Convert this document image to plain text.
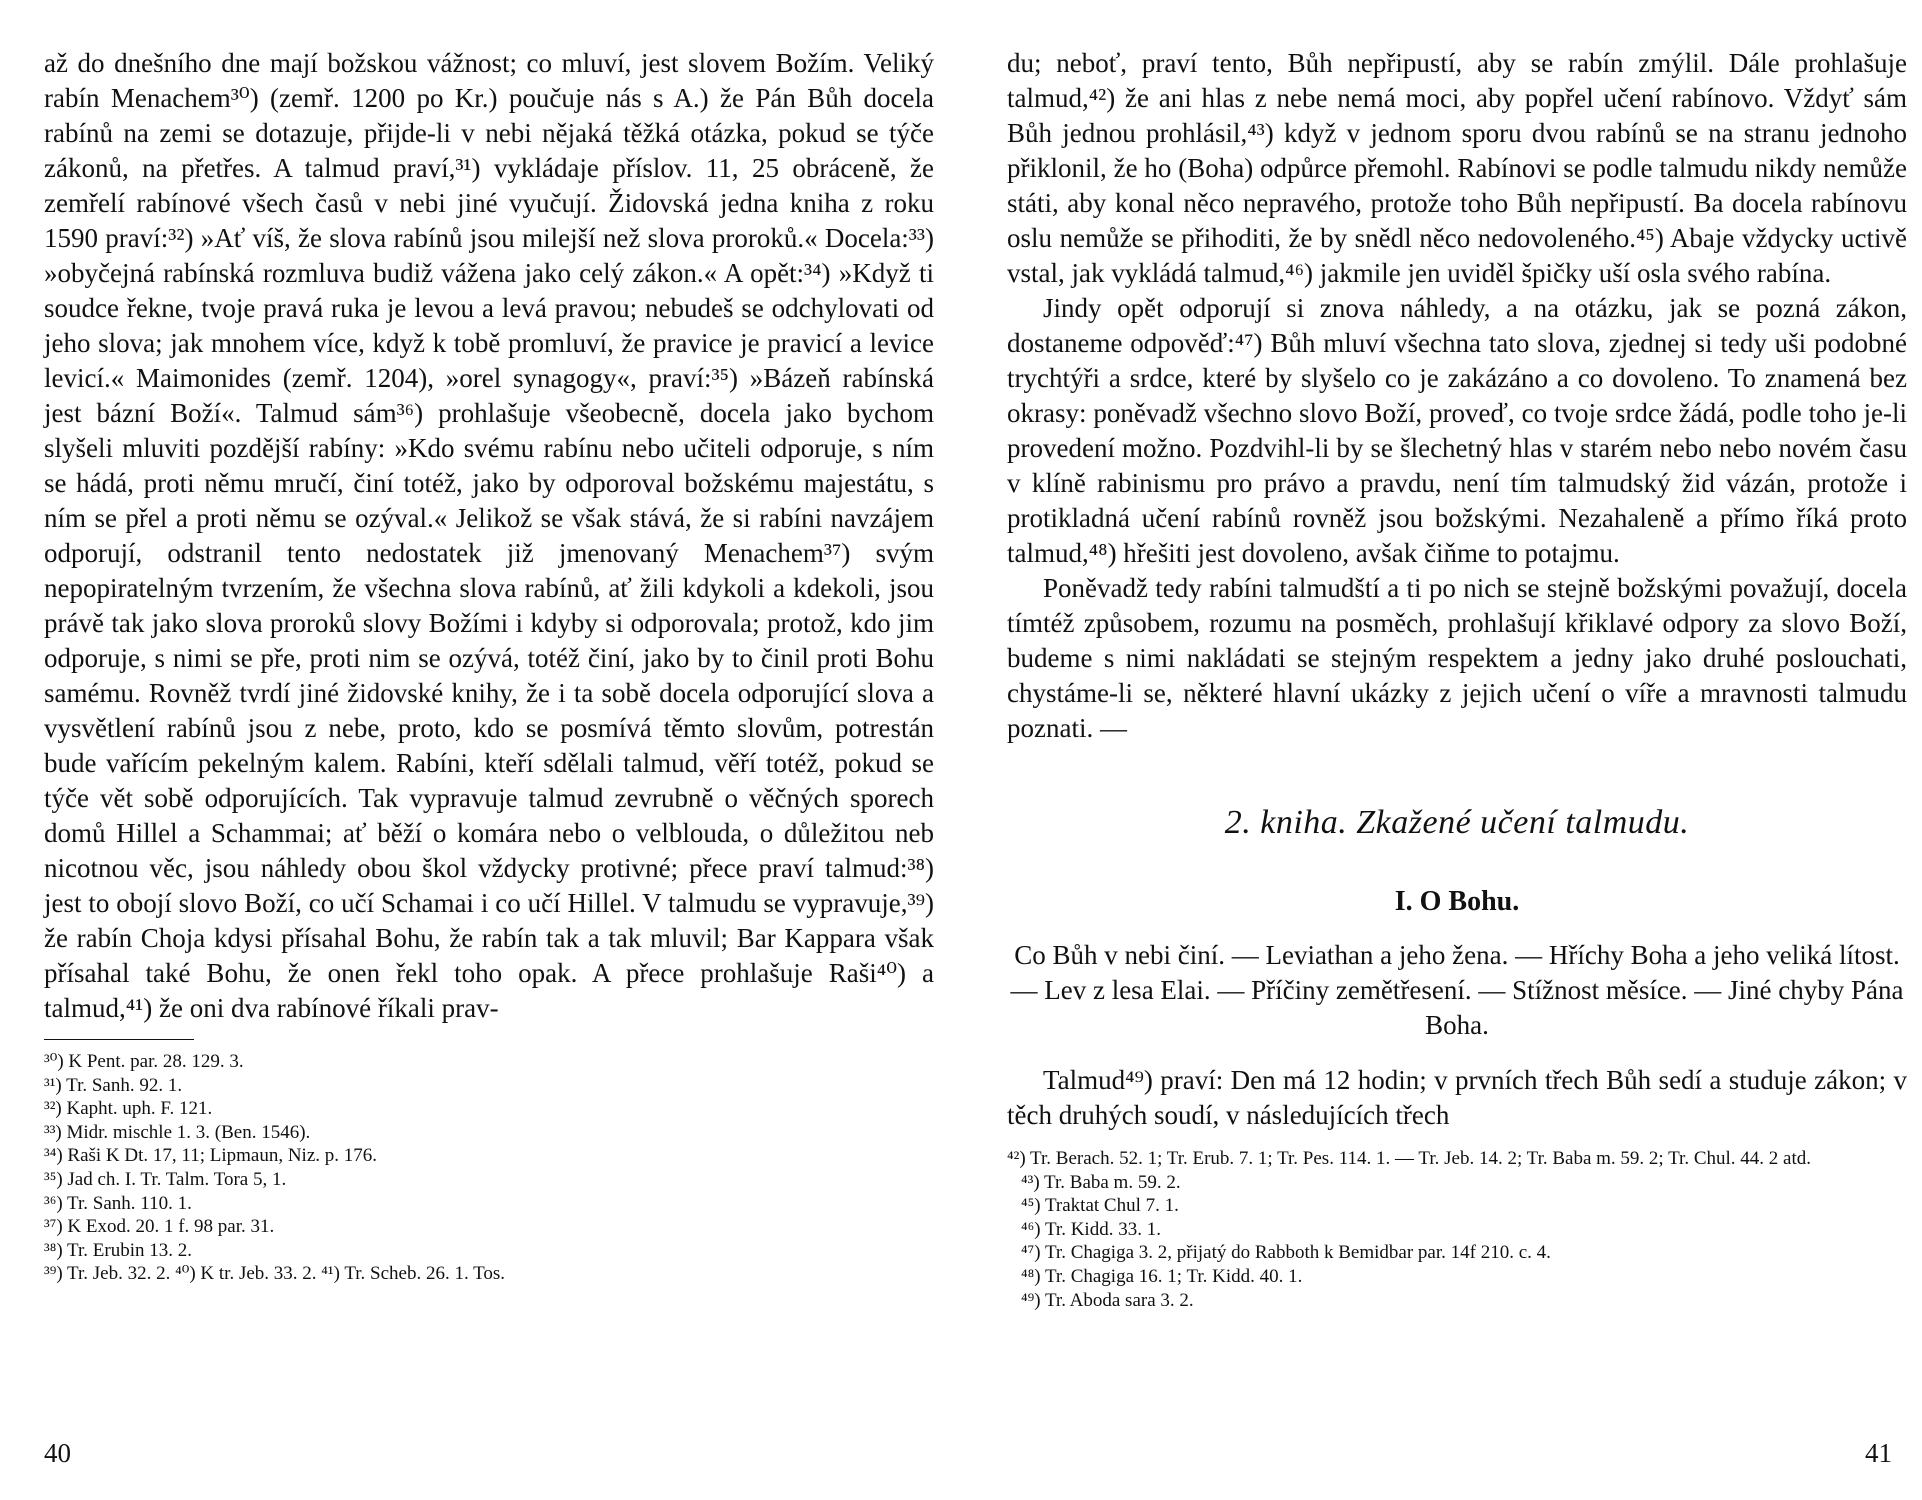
až do dnešního dne mají božskou vážnost; co mluví, jest slovem Božím. Veliký rabín Menachem³⁰) (zemř. 1200 po Kr.) poučuje nás s A.) že Pán Bůh docela rabínů na zemi se dotazuje, přijde-li v nebi nějaká těžká otázka, pokud se týče zákonů, na přetřes. A talmud praví,³¹) vykládaje příslov. 11, 25 obráceně, že zemřelí rabínové všech časů v nebi jiné vyučují. Židovská jedna kniha z roku 1590 praví:³²) »Ať víš, že slova rabínů jsou milejší než slova proroků.« Docela:³³) »obyčejná rabínská rozmluva budiž vážena jako celý zákon.« A opět:³⁴) »Když ti soudce řekne, tvoje pravá ruka je levou a levá pravou; nebudeš se odchylovati od jeho slova; jak mnohem více, když k tobě promluví, že pravice je pravicí a levice levicí.« Maimonides (zemř. 1204), »orel synagogy«, praví:³⁵) »Bázeň rabínská jest bázní Boží«. Talmud sám³⁶) prohlašuje všeobecně, docela jako bychom slyšeli mluviti pozdější rabíny: »Kdo svému rabínu nebo učiteli odporuje, s ním se hádá, proti němu mručí, činí totéž, jako by odporoval božskému majestátu, s ním se přel a proti němu se ozýval.« Jelikož se však stává, že si rabíni navzájem odporují, odstranil tento nedostatek již jmenovaný Menachem³⁷) svým nepopiratelným tvrzením, že všechna slova rabínů, ať žili kdykoli a kdekoli, jsou právě tak jako slova proroků slovy Božími i kdyby si odporovala; protož, kdo jim odporuje, s nimi se pře, proti nim se ozývá, totéž činí, jako by to činil proti Bohu samému. Rovněž tvrdí jiné židovské knihy, že i ta sobě docela odporující slova a vysvětlení rabínů jsou z nebe, proto, kdo se posmívá těmto slovům, potrestán bude vařícím pekelným kalem. Rabíni, kteří sdělali talmud, věří totéž, pokud se týče vět sobě odporujících. Tak vypravuje talmud zevrubně o věčných sporech domů Hillel a Schammai; ať běží o komára nebo o velblouda, o důležitou neb nicotnou věc, jsou náhledy obou škol vždycky protivné; přece praví talmud:³⁸) jest to obojí slovo Boží, co učí Schamai i co učí Hillel. V talmudu se vypravuje,³⁹) že rabín Choja kdysi přísahal Bohu, že rabín tak a tak mluvil; Bar Kappara však přísahal také Bohu, že onen řekl toho opak. A přece prohlašuje Raši⁴⁰) a talmud,⁴¹) že oni dva rabínové říkali prav-

³⁰) K Pent. par. 28. 129. 3.
³¹) Tr. Sanh. 92. 1.
³²) Kapht. uph. F. 121.
³³) Midr. mischle 1. 3. (Ben. 1546).
³⁴) Raši K Dt. 17, 11; Lipmaun, Niz. p. 176.
³⁵) Jad ch. I. Tr. Talm. Tora 5, 1.
³⁶) Tr. Sanh. 110. 1.
³⁷) K Exod. 20. 1 f. 98 par. 31.
³⁸) Tr. Erubin 13. 2.
³⁹) Tr. Jeb. 32. 2. ⁴⁰) K tr. Jeb. 33. 2. ⁴¹) Tr. Scheb. 26. 1. Tos.
40

du; neboť, praví tento, Bůh nepřipustí, aby se rabín zmýlil. Dále prohlašuje talmud,⁴²) že ani hlas z nebe nemá moci, aby popřel učení rabínovo. Vždyť sám Bůh jednou prohlásil,⁴³) když v jednom sporu dvou rabínů se na stranu jednoho přiklonil, že ho (Boha) odpůrce přemohl. Rabínovi se podle talmudu nikdy nemůže státi, aby konal něco nepravého, protože toho Bůh nepřipustí. Ba docela rabínovu oslu nemůže se přihoditi, že by snědl něco nedovoleného.⁴⁵) Abaje vždycky uctivě vstal, jak vykládá talmud,⁴⁶) jakmile jen uviděl špičky uší osla svého rabína.

Jindy opět odporují si znova náhledy, a na otázku, jak se pozná zákon, dostaneme odpověď:⁴⁷) Bůh mluví všechna tato slova, zjednej si tedy uši podobné trychtýři a srdce, které by slyšelo co je zakázáno a co dovoleno. To znamená bez okrasy: poněvadž všechno slovo Boží, proveď, co tvoje srdce žádá, podle toho je-li provedení možno. Pozdvihl-li by se šlechetný hlas v starém nebo nebo novém času v klíně rabinismu pro právo a pravdu, není tím talmudský žid vázán, protože i protikladná učení rabínů rovněž jsou božskými. Nezahaleně a přímo říká proto talmud,⁴⁸) hřešiti jest dovoleno, avšak čiňme to potajmu.

Poněvadž tedy rabíni talmudští a ti po nich se stejně božskými považují, docela tímtéž způsobem, rozumu na posměch, prohlašují křiklavé odpory za slovo Boží, budeme s nimi nakládati se stejným respektem a jedny jako druhé poslouchati, chystáme-li se, některé hlavní ukázky z jejich učení o víře a mravnosti talmudu poznati. —

2. kniha. Zkažené učení talmudu.
I. O Bohu.
Co Bůh v nebi činí. — Leviathan a jeho žena. — Hříchy Boha a jeho veliká lítost. — Lev z lesa Elai. — Příčiny zemětřesení. — Stížnost měsíce. — Jiné chyby Pána Boha.

Talmud⁴⁹) praví: Den má 12 hodin; v prvních třech Bůh sedí a studuje zákon; v těch druhých soudí, v následujících třech

⁴²) Tr. Berach. 52. 1; Tr. Erub. 7. 1; Tr. Pes. 114. 1. — Tr. Jeb. 14. 2; Tr. Baba m. 59. 2; Tr. Chul. 44. 2 atd.
⁴³) Tr. Baba m. 59. 2.
⁴⁵) Traktat Chul 7. 1.
⁴⁶) Tr. Kidd. 33. 1.
⁴⁷) Tr. Chagiga 3. 2, přijatý do Rabboth k Bemidbar par. 14f 210. c. 4.
⁴⁸) Tr. Chagiga 16. 1; Tr. Kidd. 40. 1.
⁴⁹) Tr. Aboda sara 3. 2.
41
